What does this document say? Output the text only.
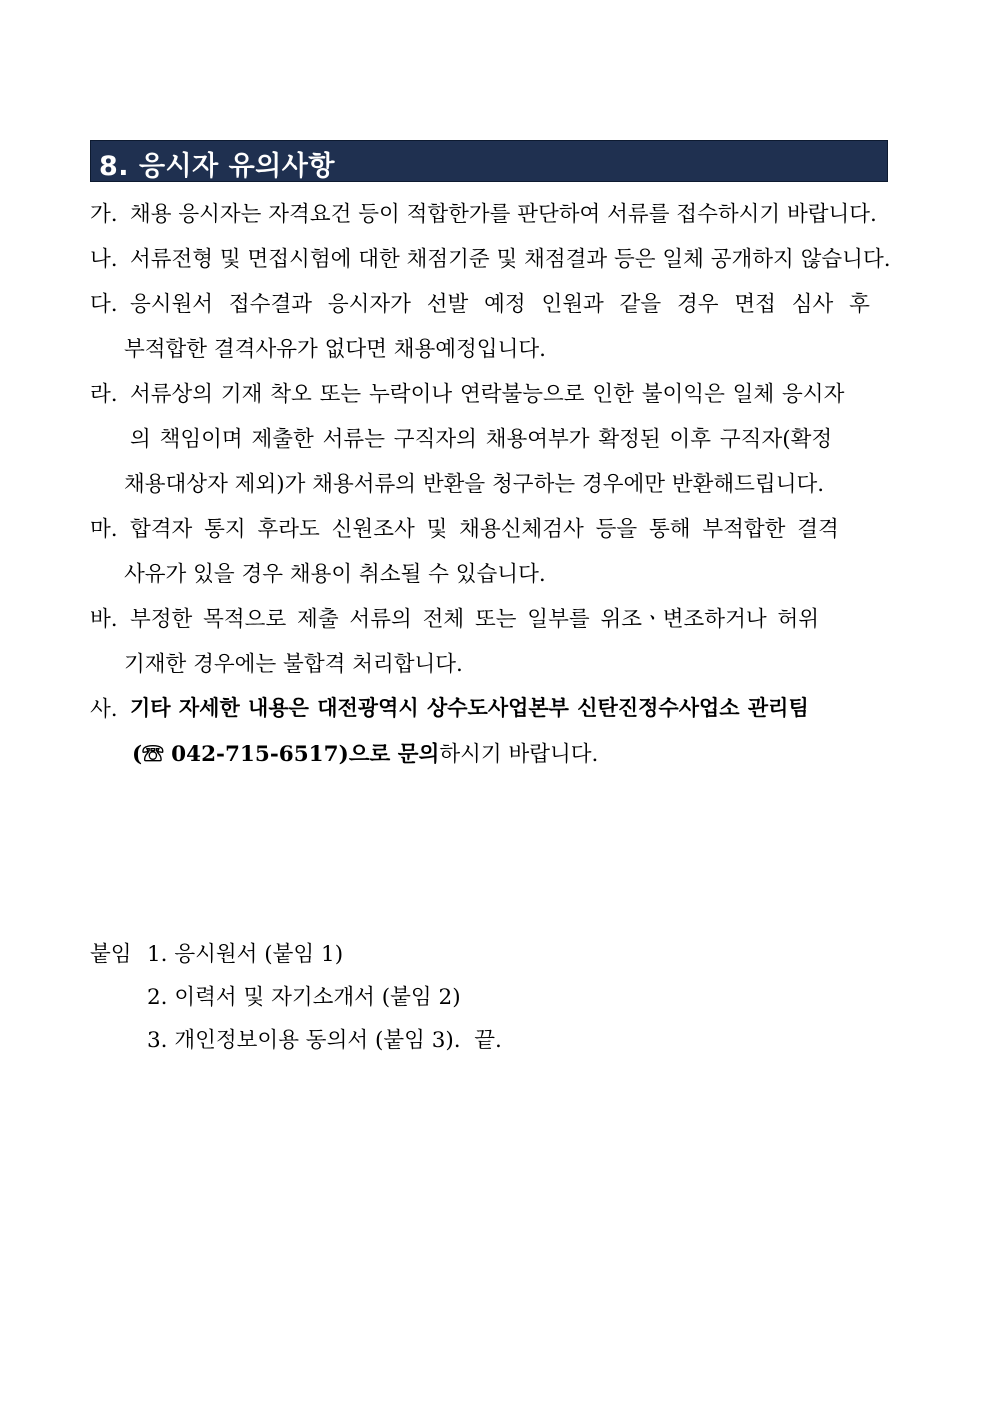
8. 응시자 유의사항
가. 채용 응시자는 자격요건 등이 적합한가를 판단하여 서류를 접수하시기 바랍니다.
나. 서류전형 및 면접시험에 대한 채점기준 및 채점결과 등은 일체 공개하지 않습니다.
다. 응시원서 접수결과 응시자가 선발 예정 인원과 같을 경우 면접 심사 후
부적합한 결격사유가 없다면 채용예정입니다.
라. 서류상의 기재 착오 또는 누락이나 연락불능으로 인한 불이익은 일체 응시자
의 책임이며 제출한 서류는 구직자의 채용여부가 확정된 이후 구직자(확정
채용대상자 제외)가 채용서류의 반환을 청구하는 경우에만 반환해드립니다.
마. 합격자 통지 후라도 신원조사 및 채용신체검사 등을 통해 부적합한 결격
사유가 있을 경우 채용이 취소될 수 있습니다.
바. 부정한 목적으로 제출 서류의 전체 또는 일부를 위조ㆍ변조하거나 허위
기재한 경우에는 불합격 처리합니다.
사. 기타 자세한 내용은 대전광역시 상수도사업본부 신탄진정수사업소 관리팀
(☏ 042-715-6517)으로 문의하시기 바랍니다.
붙임 1. 응시원서 (붙임 1)
2. 이력서 및 자기소개서 (붙임 2)
3. 개인정보이용 동의서 (붙임 3).  끝.
